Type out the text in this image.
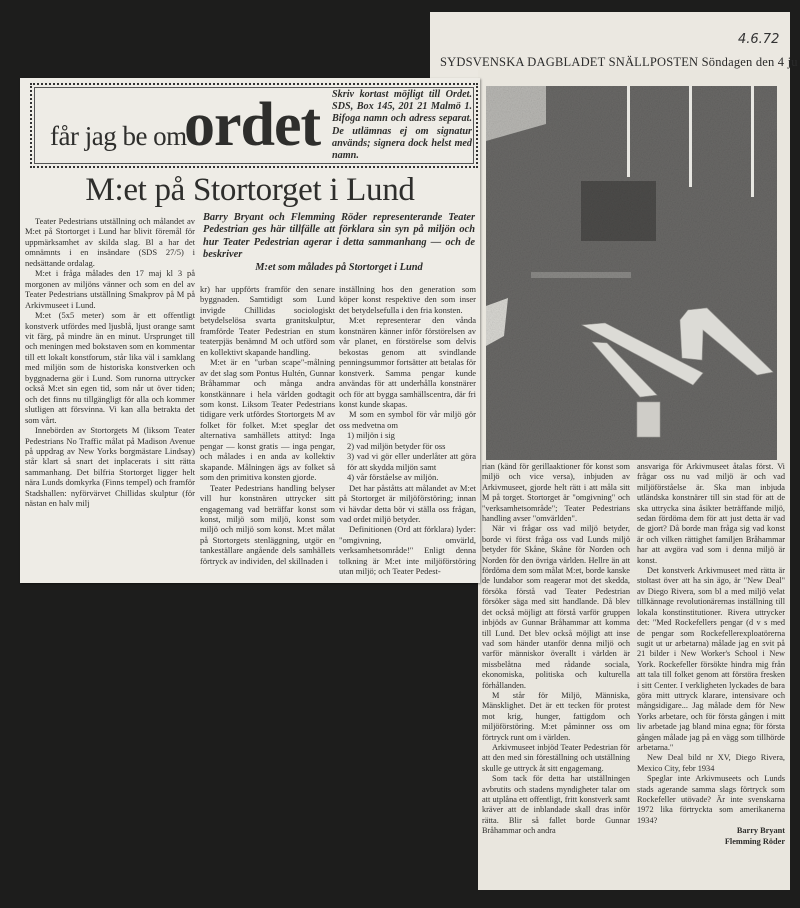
4.6.72
SYDSVENSKA DAGBLADET SNÄLLPOSTEN Söndagen den 4 ju
får jag be om
ordet Skriv kortast möjligt till Ordet. SDS, Box 145, 201 21 Malmö 1. Bifoga namn och adress separat. De utlämnas ej om signatur används; signera dock helst med namn.
M:et på Stortorget i Lund
Barry Bryant och Flemming Röder representerande Teater Pedestrian ges här tillfälle att förklara sin syn på miljön och hur Teater Pedestrian agerar i detta sammanhang — och de beskriver
M:et som målades på Stortorget i Lund

Teater Pedestrians utställning och målandet av M:et på Stortorget i Lund har blivit föremål för uppmärksamhet av skilda slag. Bl a har det omnämnts i en insändare (SDS 27/5) i nedsättande ordalag.

M:et i fråga målades den 17 maj kl 3 på morgonen av miljöns vänner och som en del av Teater Pedestrians utställning Smakprov på M på Arkivmuseet i Lund.

M:et (5x5 meter) som är ett offentligt konstverk utfördes med ljusblå, ljust orange samt vit färg, på mindre än en minut. Ursprunget till och meningen med bokstaven som en kommentar till ett lokalt konstforum, står lika väl i samklang med miljön som de historiska konstverken och byggnaderna gör i Lund. Som runorna uttrycker också M:et sin egen tid, som når ut över tiden; och det finns nu tillgängligt för alla och kommer slutligen att försvinna. Vi kan alla betrakta det som vårt.

Innebörden av Stortorgets M (liksom Teater Pedestrians No Traffic målat på Madison Avenue på uppdrag av New Yorks borgmästare Lindsay) står klart så snart det inplacerats i sitt rätta sammanhang. Det bilfria Stortorget ligger helt nära Lunds domkyrka (Finns tempel) och framför Stadshallen: nyförvärvet Chillidas skulptur (för nästan en halv milj

kr) har uppförts framför den senare byggnaden. Samtidigt som Lund invigde Chillidas sociologiskt betydelselösa svarta granitskulptur, framförde Teater Pedestrian en stum teaterpjäs benämnd M och utförd som en kollektivt skapande handling.

M:et är en "urban scape"-målning av det slag som Pontus Hultén, Gunnar Bråhammar och många andra konstkännare i hela världen godtagit som konst. Liksom Teater Pedestrians tidigare verk utfördes Stortorgets M av folket för folket. M:et speglar det alternativa samhällets attityd: Inga pengar — konst gratis — inga pengar, och målades i en anda av kollektiv skapande. Målningen ägs av folket så som den primitiva konsten gjorde.

Teater Pedestrians handling belyser vill hur konstnären uttrycker sitt engagemang vad beträffar konst som konst, miljö som miljö, konst som miljö och miljö som konst. M:et målat på Stortorgets stenläggning, utgör en tankeställare angående dels samhällets förtryck av individen, del skillnaden i

inställning hos den generation som köper konst respektive den som inser det betydelsefulla i den fria konsten.

M:et representerar den vånda konstnären känner inför förstörelsen av vår planet, en förstörelse som delvis bekostas genom att svindlande penningsummor fortsätter att betalas för konstverk. Samma pengar kunde användas för att underhålla konstnärer och för att bygga samhällscentra, där fri konst kunde skapas.

M som en symbol för vår miljö gör oss medvetna om

1) miljön i sig

2) vad miljön betyder för oss

3) vad vi gör eller underlåter att göra för att skydda miljön samt

4) vår förståelse av miljön.

Det har påståtts att målandet av M:et på Stortorget är miljöförstöring; innan vi hävdar detta bör vi ställa oss frågan, vad ordet miljö betyder.

Definitionen (Ord att förklara) lyder: "omgivning, omvärld, verksamhetsområde!" Enligt denna tolkning är M:et inte miljöförstöring utan miljö; och Teater Pedest-

rian (känd för gerillaaktioner för konst som miljö och vice versa), inbjuden av Arkivmuseet, gjorde helt rätt i att måla sitt M på torget. Stortorget är "omgivning" och "verksamhetsområde"; Teater Pedestrians handling avser "omvärlden".

När vi frågar oss vad miljö betyder, borde vi först fråga oss vad Lunds miljö betyder för Skåne, Skåne för Norden och Norden för den övriga världen. Hellre än att fördöma dem som målat M:et, borde kanske de lundabor som reagerar mot det skedda, försöka förstå vad Teater Pedestrian försöker säga med sitt handlande. Då blev det också möjligt att förstå varför gruppen inbjöds av Gunnar Bråhammar att komma till Lund. Det blev också möjligt att inse vad som händer utanför denna miljö och varför människor överallt i världen är missbelåtna med rådande sociala, ekonomiska, politiska och kulturella förhållanden.

M står för Miljö, Människa, Mänsklighet. Det är ett tecken för protest mot krig, hunger, fattigdom och miljöförstöring. M:et påminner oss om förtryck runt om i världen.

Arkivmuseet inbjöd Teater Pedestrian för att den med sin föreställning och utställning skulle ge uttryck åt sitt engagemang.

Som tack för detta har utställningen avbrutits och stadens myndigheter talar om att utplåna ett offentligt, fritt konstverk samt kräver att de inblandade skall dras inför rätta. Blir så fallet borde Gunnar Bråhammar och andra

ansvariga för Arkivmuseet åtalas först. Vi frågar oss nu vad miljö är och vad miljöförståelse är. Ska man inbjuda utländska konstnärer till sin stad för att de ska uttrycka sina åsikter beträffande miljö, sedan fördöma dem för att just detta är vad de gjort? Då borde man fråga sig vad konst är och vilken rättighet familjen Bråhammar har att avgöra vad som i denna miljö är konst.

Det konstverk Arkivmuseet med rätta är stoltast över att ha sin ägo, är "New Deal" av Diego Rivera, som bl a med miljö velat tillkännage revolutionärernas inställning till lokala konstinstitutioner. Rivera uttrycker det: "Med Rockefellers pengar (d v s med de pengar som Rockefellerexploatörerna sugit ut ur arbetarna) målade jag en svit på 21 bilder i New Worker's School i New York. Rockefeller försökte hindra mig från att tala till folket genom att förstöra fresken i sitt Center. I verkligheten lyckades de bara göra mitt uttryck klarare, intensivare och mångsidigare... Jag målade dem för New Yorks arbetare, och för första gången i mitt liv arbetade jag bland mina egna; för första gången målade jag på en vägg som tillhörde arbetarna."

New Deal bild nr XV, Diego Rivera, Mexico City, febr 1934

Speglar inte Arkivmuseets och Lunds stads agerande samma slags förtryck som Rockefeller utövade? Är inte svenskarna 1972 lika förtryckta som amerikanerna 1934?

Barry Bryant

Flemming Röder
